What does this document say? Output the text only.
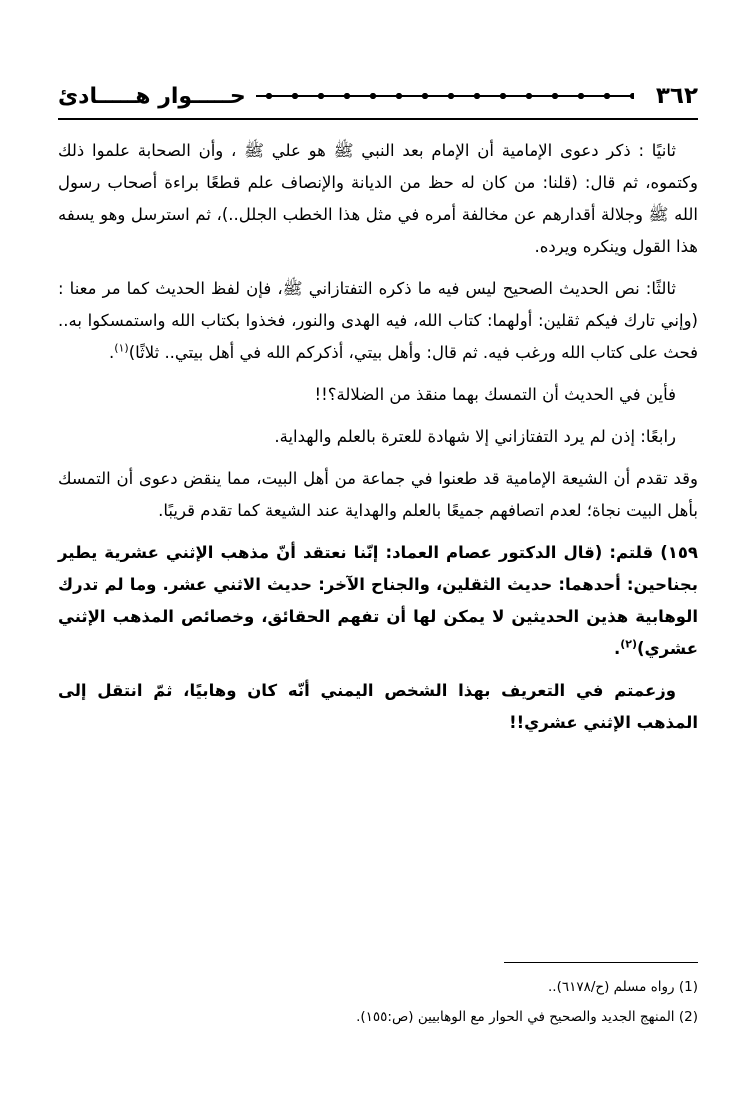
٣٦٢
حـــــوار هـــــادئ

ثانيًا : ذكر دعوى الإمامية أن الإمام بعد النبي ﷺ هو علي ﷺ ، وأن الصحابة علموا ذلك وكتموه، ثم قال: (قلنا: من كان له حظ من الديانة والإنصاف علم قطعًا براءة أصحاب رسول الله ﷺ وجلالة أقدارهم عن مخالفة أمره في مثل هذا الخطب الجلل..)، ثم استرسل وهو يسفه هذا القول وينكره ويرده.

ثالثًا: نص الحديث الصحيح ليس فيه ما ذكره التفتازاني ﷺ، فإن لفظ الحديث كما مر معنا : (وإني تارك فيكم ثقلين: أولهما: كتاب الله، فيه الهدى والنور، فخذوا بكتاب الله واستمسكوا به.. فحث على كتاب الله ورغب فيه. ثم قال: وأهل بيتي، أذكركم الله في أهل بيتي.. ثلاثًا)$^{(١)}$.

فأين في الحديث أن التمسك بهما منقذ من الضلالة؟!!

رابعًا: إذن لم يرد التفتازاني إلا شهادة للعترة بالعلم والهداية.

وقد تقدم أن الشيعة الإمامية قد طعنوا في جماعة من أهل البيت، مما ينقض دعوى أن التمسك بأهل البيت نجاة؛ لعدم اتصافهم جميعًا بالعلم والهداية عند الشيعة كما تقدم قريبًا.

١٥٩) قلتم: (قال الدكتور عصام العماد: إنّنا نعتقد أنّ مذهب الإثني عشرية يطير بجناحين: أحدهما: حديث الثقلين، والجناح الآخر: حديث الاثني عشر. وما لم تدرك الوهابية هذين الحديثين لا يمكن لها أن تفهم الحقائق، وخصائص المذهب الإثني عشري)$^{(٢)}$.

وزعمتم في التعريف بهذا الشخص اليمني أنّه كان وهابيًا، ثمّ انتقل إلى المذهب الإثني عشري!!

(1) رواه مسلم (ح/٦١٧٨)..
(2) المنهج الجديد والصحيح في الحوار مع الوهابيين (ص:١٥٥).
